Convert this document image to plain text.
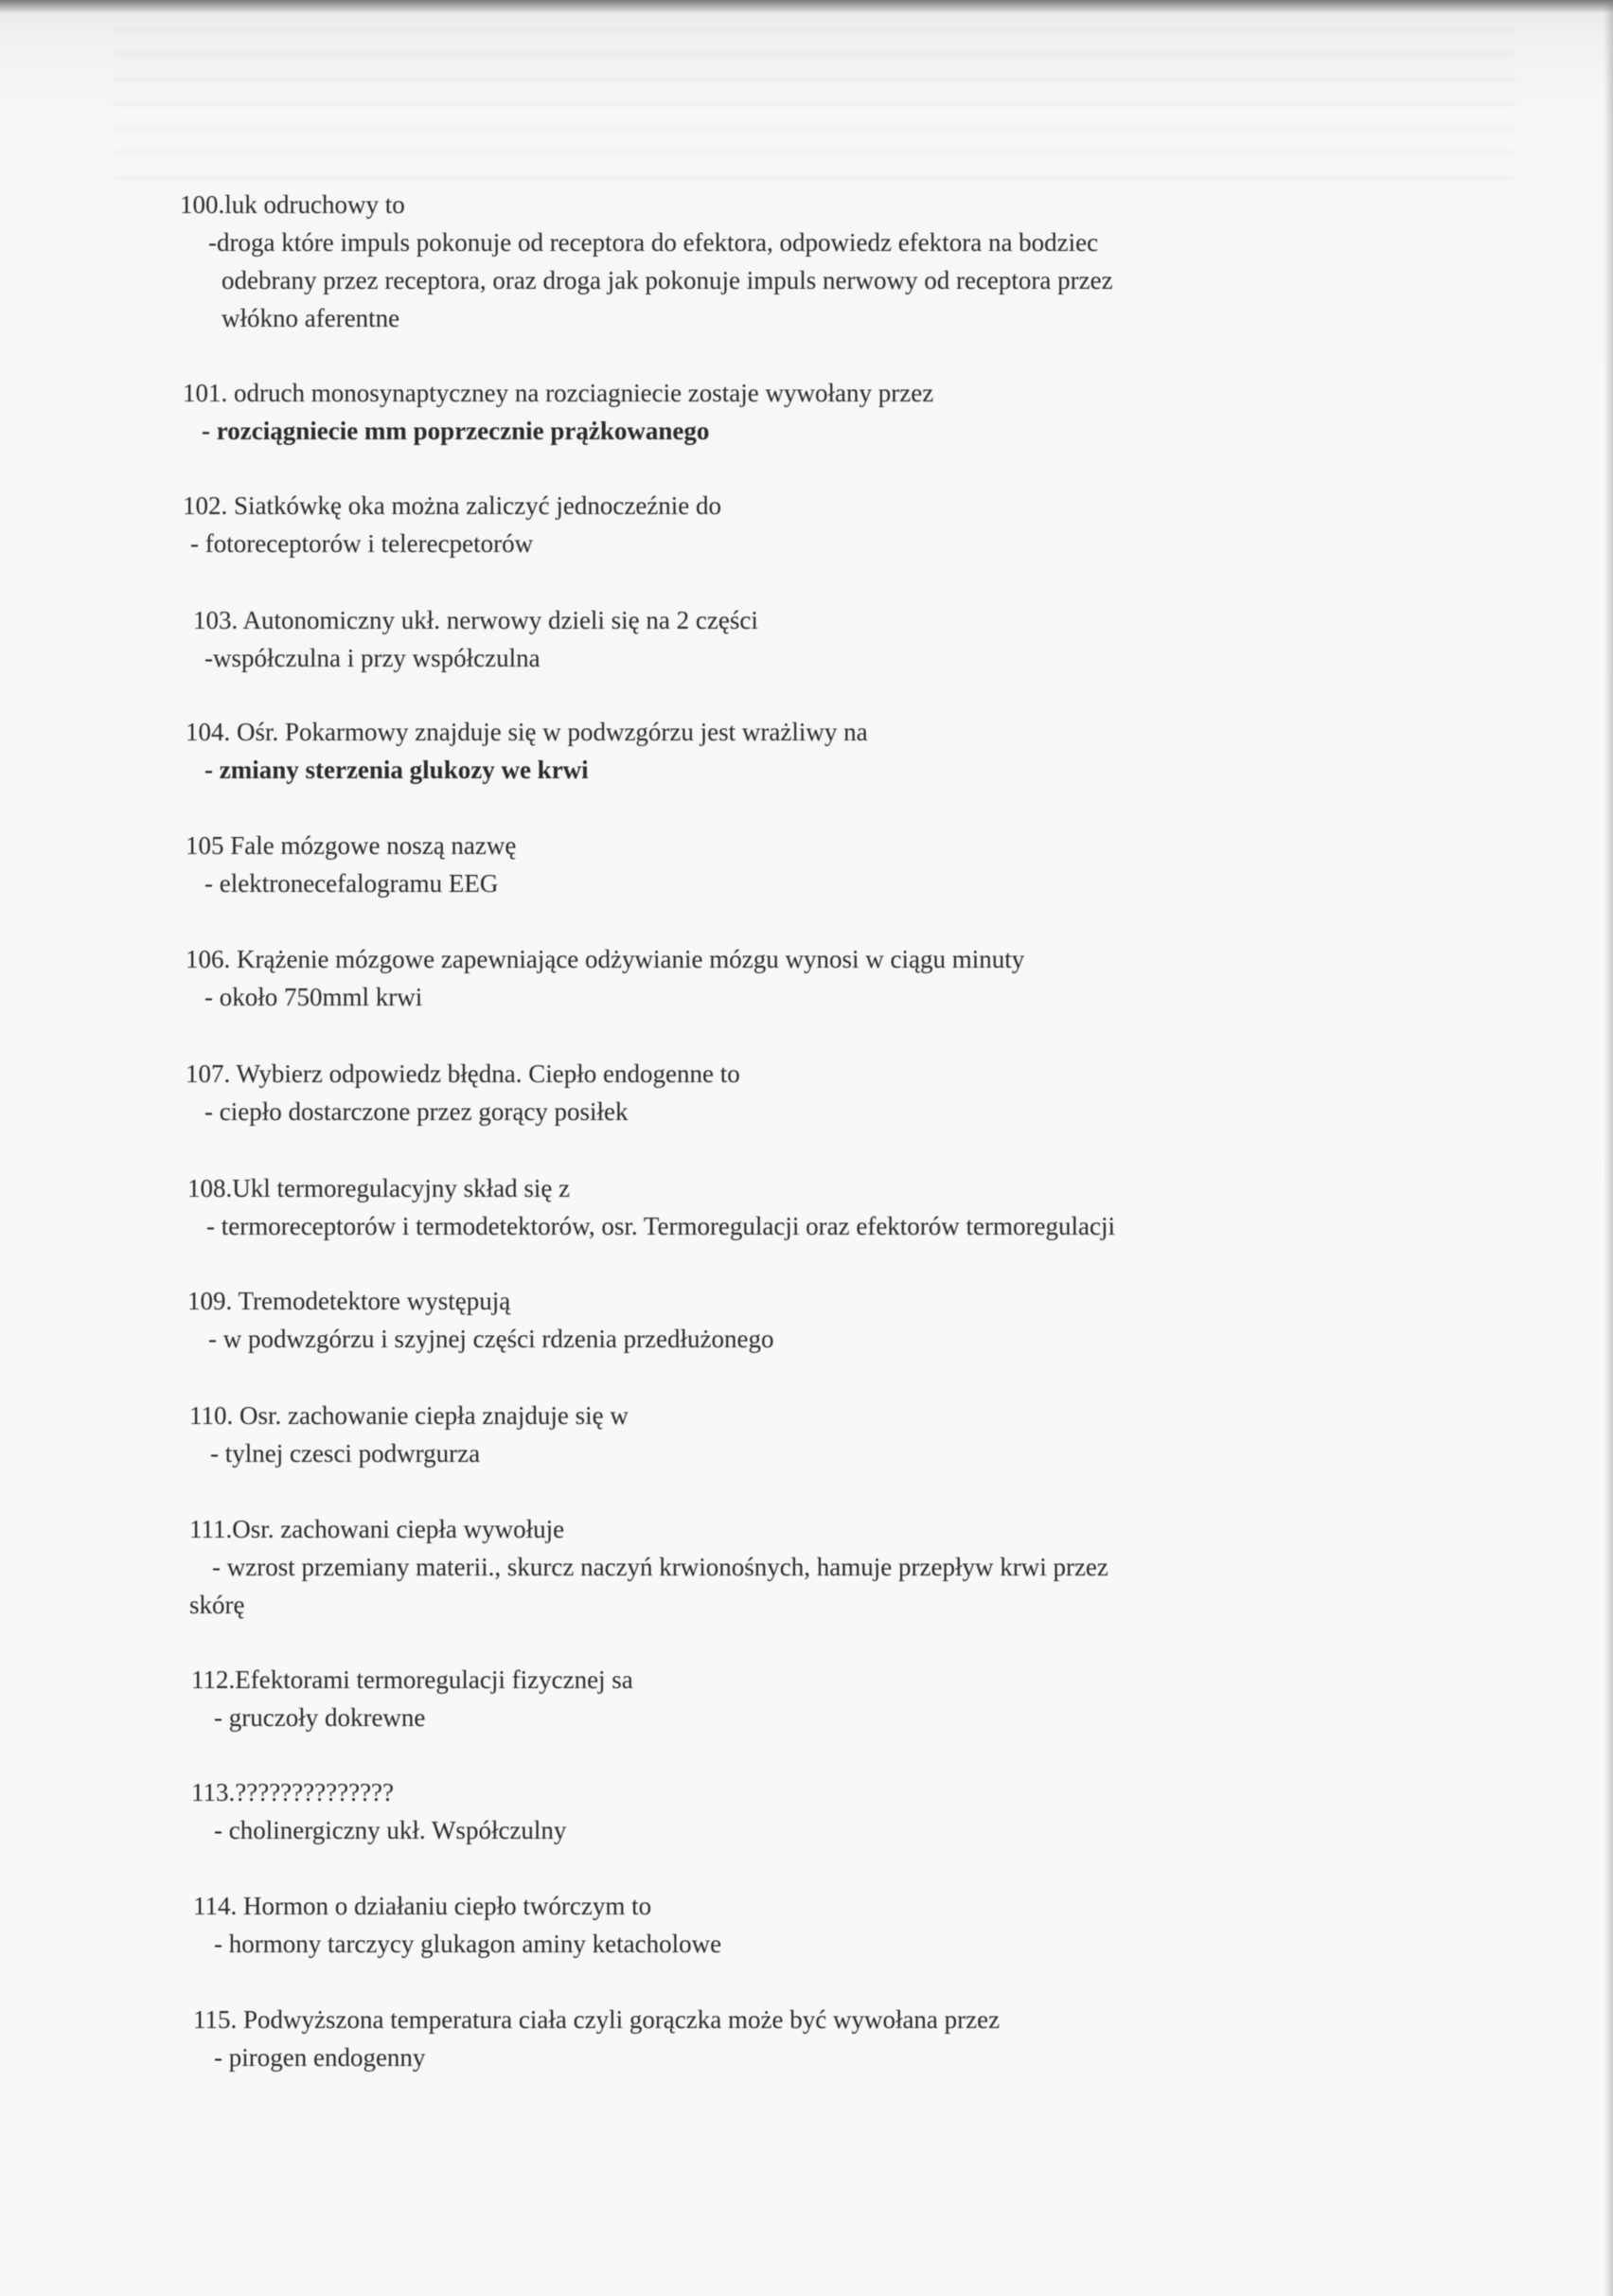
100.luk odruchowy to
-droga które impuls pokonuje od receptora do efektora, odpowiedz efektora na bodziec
odebrany przez receptora, oraz droga jak pokonuje impuls nerwowy od receptora przez
włókno aferentne
101. odruch monosynaptyczney na rozciagniecie zostaje wywołany przez
- rozciągniecie mm poprzecznie prążkowanego
102. Siatkówkę oka można zaliczyć jednoczeźnie do
- fotoreceptorów i telerecpetorów
103. Autonomiczny ukł. nerwowy dzieli się na 2 części
-współczulna i przy współczulna
104. Ośr. Pokarmowy znajduje się w podwzgórzu jest wrażliwy na
- zmiany sterzenia glukozy we krwi
105 Fale mózgowe noszą nazwę
- elektronecefalogramu EEG
106. Krążenie mózgowe zapewniające odżywianie mózgu wynosi w ciągu minuty
- około 750mml krwi
107. Wybierz odpowiedz błędna. Ciepło endogenne to
- ciepło dostarczone przez gorący posiłek
108.Ukl termoregulacyjny skład się z
- termoreceptorów i termodetektorów, osr. Termoregulacji oraz efektorów termoregulacji
109. Tremodetektore występują
- w podwzgórzu i szyjnej części rdzenia przedłużonego
110. Osr. zachowanie ciepła znajduje się w
- tylnej czesci podwrgurza
111.Osr. zachowani ciepła wywołuje
- wzrost przemiany materii., skurcz naczyń krwionośnych, hamuje przepływ krwi przez
skórę
112.Efektorami termoregulacji fizycznej sa
- gruczoły dokrewne
113.??????????????
- cholinergiczny ukł. Współczulny
114. Hormon o działaniu ciepło twórczym to
- hormony tarczycy glukagon aminy ketacholowe
115. Podwyższona temperatura ciała czyli gorączka może być wywołana przez
- pirogen endogenny
